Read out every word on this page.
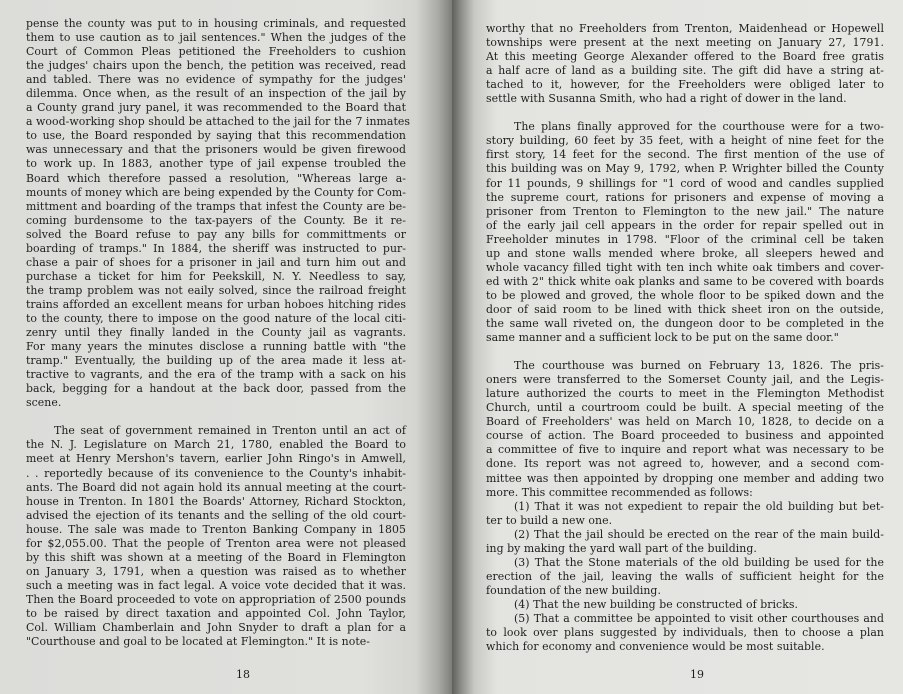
pense the county was put to in housing criminals, and requested
them to use caution as to jail sentences." When the judges of the
Court of Common Pleas petitioned the Freeholders to cushion
the judges' chairs upon the bench, the petition was received, read
and tabled. There was no evidence of sympathy for the judges'
dilemma. Once when, as the result of an inspection of the jail by
a County grand jury panel, it was recommended to the Board that
a wood-working shop should be attached to the jail for the 7 inmates
to use, the Board responded by saying that this recommendation
was unnecessary and that the prisoners would be given firewood
to work up. In 1883, another type of jail expense troubled the
Board which therefore passed a resolution, "Whereas large a-
mounts of money which are being expended by the County for Com-
mittment and boarding of the tramps that infest the County are be-
coming burdensome to the tax-payers of the County. Be it re-
solved the Board refuse to pay any bills for committments or
boarding of tramps." In 1884, the sheriff was instructed to pur-
chase a pair of shoes for a prisoner in jail and turn him out and
purchase a ticket for him for Peekskill, N. Y. Needless to say,
the tramp problem was not eaily solved, since the railroad freight
trains afforded an excellent means for urban hoboes hitching rides
to the county, there to impose on the good nature of the local citi-
zenry until they finally landed in the County jail as vagrants.
For many years the minutes disclose a running battle with "the
tramp." Eventually, the building up of the area made it less at-
tractive to vagrants, and the era of the tramp with a sack on his
back, begging for a handout at the back door, passed from the
scene.
The seat of government remained in Trenton until an act of
the N. J. Legislature on March 21, 1780, enabled the Board to
meet at Henry Mershon's tavern, earlier John Ringo's in Amwell,
. . reportedly because of its convenience to the County's inhabit-
ants. The Board did not again hold its annual meeting at the court-
house in Trenton. In 1801 the Boards' Attorney, Richard Stockton,
advised the ejection of its tenants and the selling of the old court-
house. The sale was made to Trenton Banking Company in 1805
for $2,055.00. That the people of Trenton area were not pleased
by this shift was shown at a meeting of the Board in Flemington
on January 3, 1791, when a question was raised as to whether
such a meeting was in fact legal. A voice vote decided that it was.
Then the Board proceeded to vote on appropriation of 2500 pounds
to be raised by direct taxation and appointed Col. John Taylor,
Col. William Chamberlain and John Snyder to draft a plan for a
"Courthouse and goal to be located at Flemington." It is note-
18
worthy that no Freeholders from Trenton, Maidenhead or Hopewell
townships were present at the next meeting on January 27, 1791.
At this meeting George Alexander offered to the Board free gratis
a half acre of land as a building site. The gift did have a string at-
tached to it, however, for the Freeholders were obliged later to
settle with Susanna Smith, who had a right of dower in the land.
The plans finally approved for the courthouse were for a two-
story building, 60 feet by 35 feet, with a height of nine feet for the
first story, 14 feet for the second. The first mention of the use of
this building was on May 9, 1792, when P. Wrighter billed the County
for 11 pounds, 9 shillings for "1 cord of wood and candles supplied
the supreme court, rations for prisoners and expense of moving a
prisoner from Trenton to Flemington to the new jail." The nature
of the early jail cell appears in the order for repair spelled out in
Freeholder minutes in 1798. "Floor of the criminal cell be taken
up and stone walls mended where broke, all sleepers hewed and
whole vacancy filled tight with ten inch white oak timbers and cover-
ed with 2" thick white oak planks and same to be covered with boards
to be plowed and groved, the whole floor to be spiked down and the
door of said room to be lined with thick sheet iron on the outside,
the same wall riveted on, the dungeon door to be completed in the
same manner and a sufficient lock to be put on the same door."
The courthouse was burned on February 13, 1826. The pris-
oners were transferred to the Somerset County jail, and the Legis-
lature authorized the courts to meet in the Flemington Methodist
Church, until a courtroom could be built. A special meeting of the
Board of Freeholders' was held on March 10, 1828, to decide on a
course of action. The Board proceeded to business and appointed
a committee of five to inquire and report what was necessary to be
done. Its report was not agreed to, however, and a second com-
mittee was then appointed by dropping one member and adding two
more. This committee recommended as follows:
(1) That it was not expedient to repair the old building but bet-
ter to build a new one.
(2) That the jail should be erected on the rear of the main build-
ing by making the yard wall part of the building.
(3) That the Stone materials of the old building be used for the
erection of the jail, leaving the walls of sufficient height for the
foundation of the new building.
(4) That the new building be constructed of bricks.
(5) That a committee be appointed to visit other courthouses and
to look over plans suggested by individuals, then to choose a plan
which for economy and convenience would be most suitable.
19
